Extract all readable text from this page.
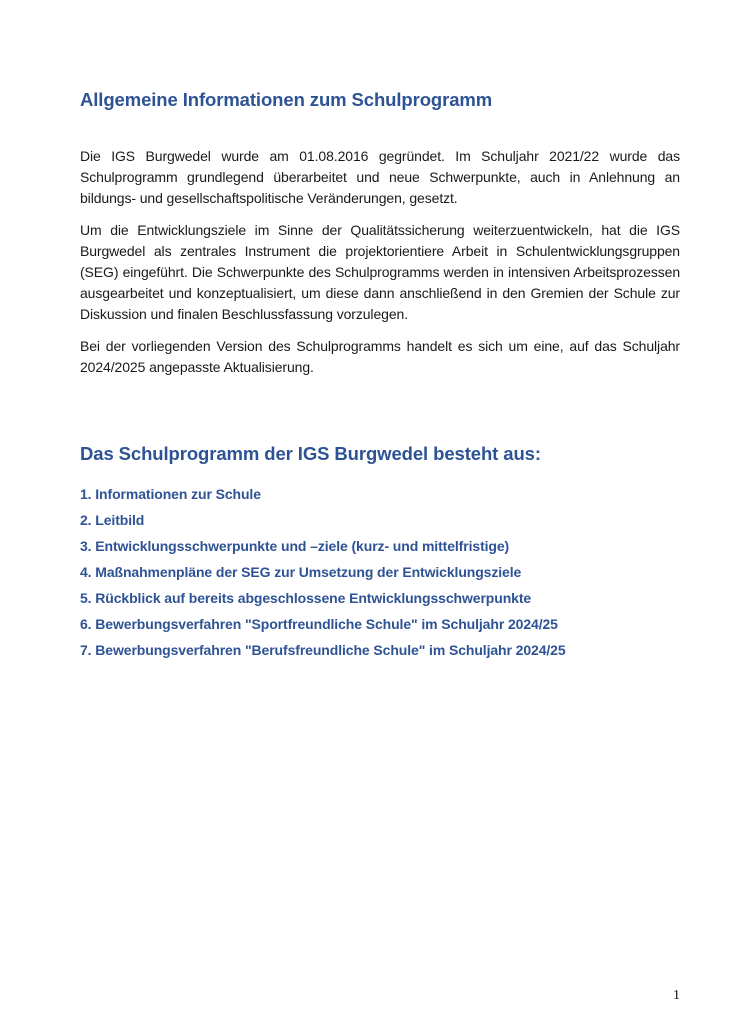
Allgemeine Informationen zum Schulprogramm

Die IGS Burgwedel wurde am 01.08.2016 gegründet. Im Schuljahr 2021/22 wurde das Schulprogramm grundlegend überarbeitet und neue Schwerpunkte, auch in Anlehnung an bildungs- und gesellschaftspolitische Veränderungen, gesetzt.

Um die Entwicklungsziele im Sinne der Qualitätssicherung weiterzuentwickeln, hat die IGS Burgwedel als zentrales Instrument die projektorientiere Arbeit in Schulentwicklungsgruppen (SEG) eingeführt. Die Schwerpunkte des Schulprogramms werden in intensiven Arbeitsprozessen ausgearbeitet und konzeptualisiert, um diese dann anschließend in den Gremien der Schule zur Diskussion und finalen Beschlussfassung vorzulegen.

Bei der vorliegenden Version des Schulprogramms handelt es sich um eine, auf das Schuljahr 2024/2025 angepasste Aktualisierung.

Das Schulprogramm der IGS Burgwedel besteht aus:
1. Informationen zur Schule
2. Leitbild
3. Entwicklungsschwerpunkte und –ziele (kurz- und mittelfristige)
4. Maßnahmenpläne der SEG zur Umsetzung der Entwicklungsziele
5. Rückblick auf bereits abgeschlossene Entwicklungsschwerpunkte
6. Bewerbungsverfahren "Sportfreundliche Schule" im Schuljahr 2024/25
7. Bewerbungsverfahren "Berufsfreundliche Schule" im Schuljahr 2024/25
1
